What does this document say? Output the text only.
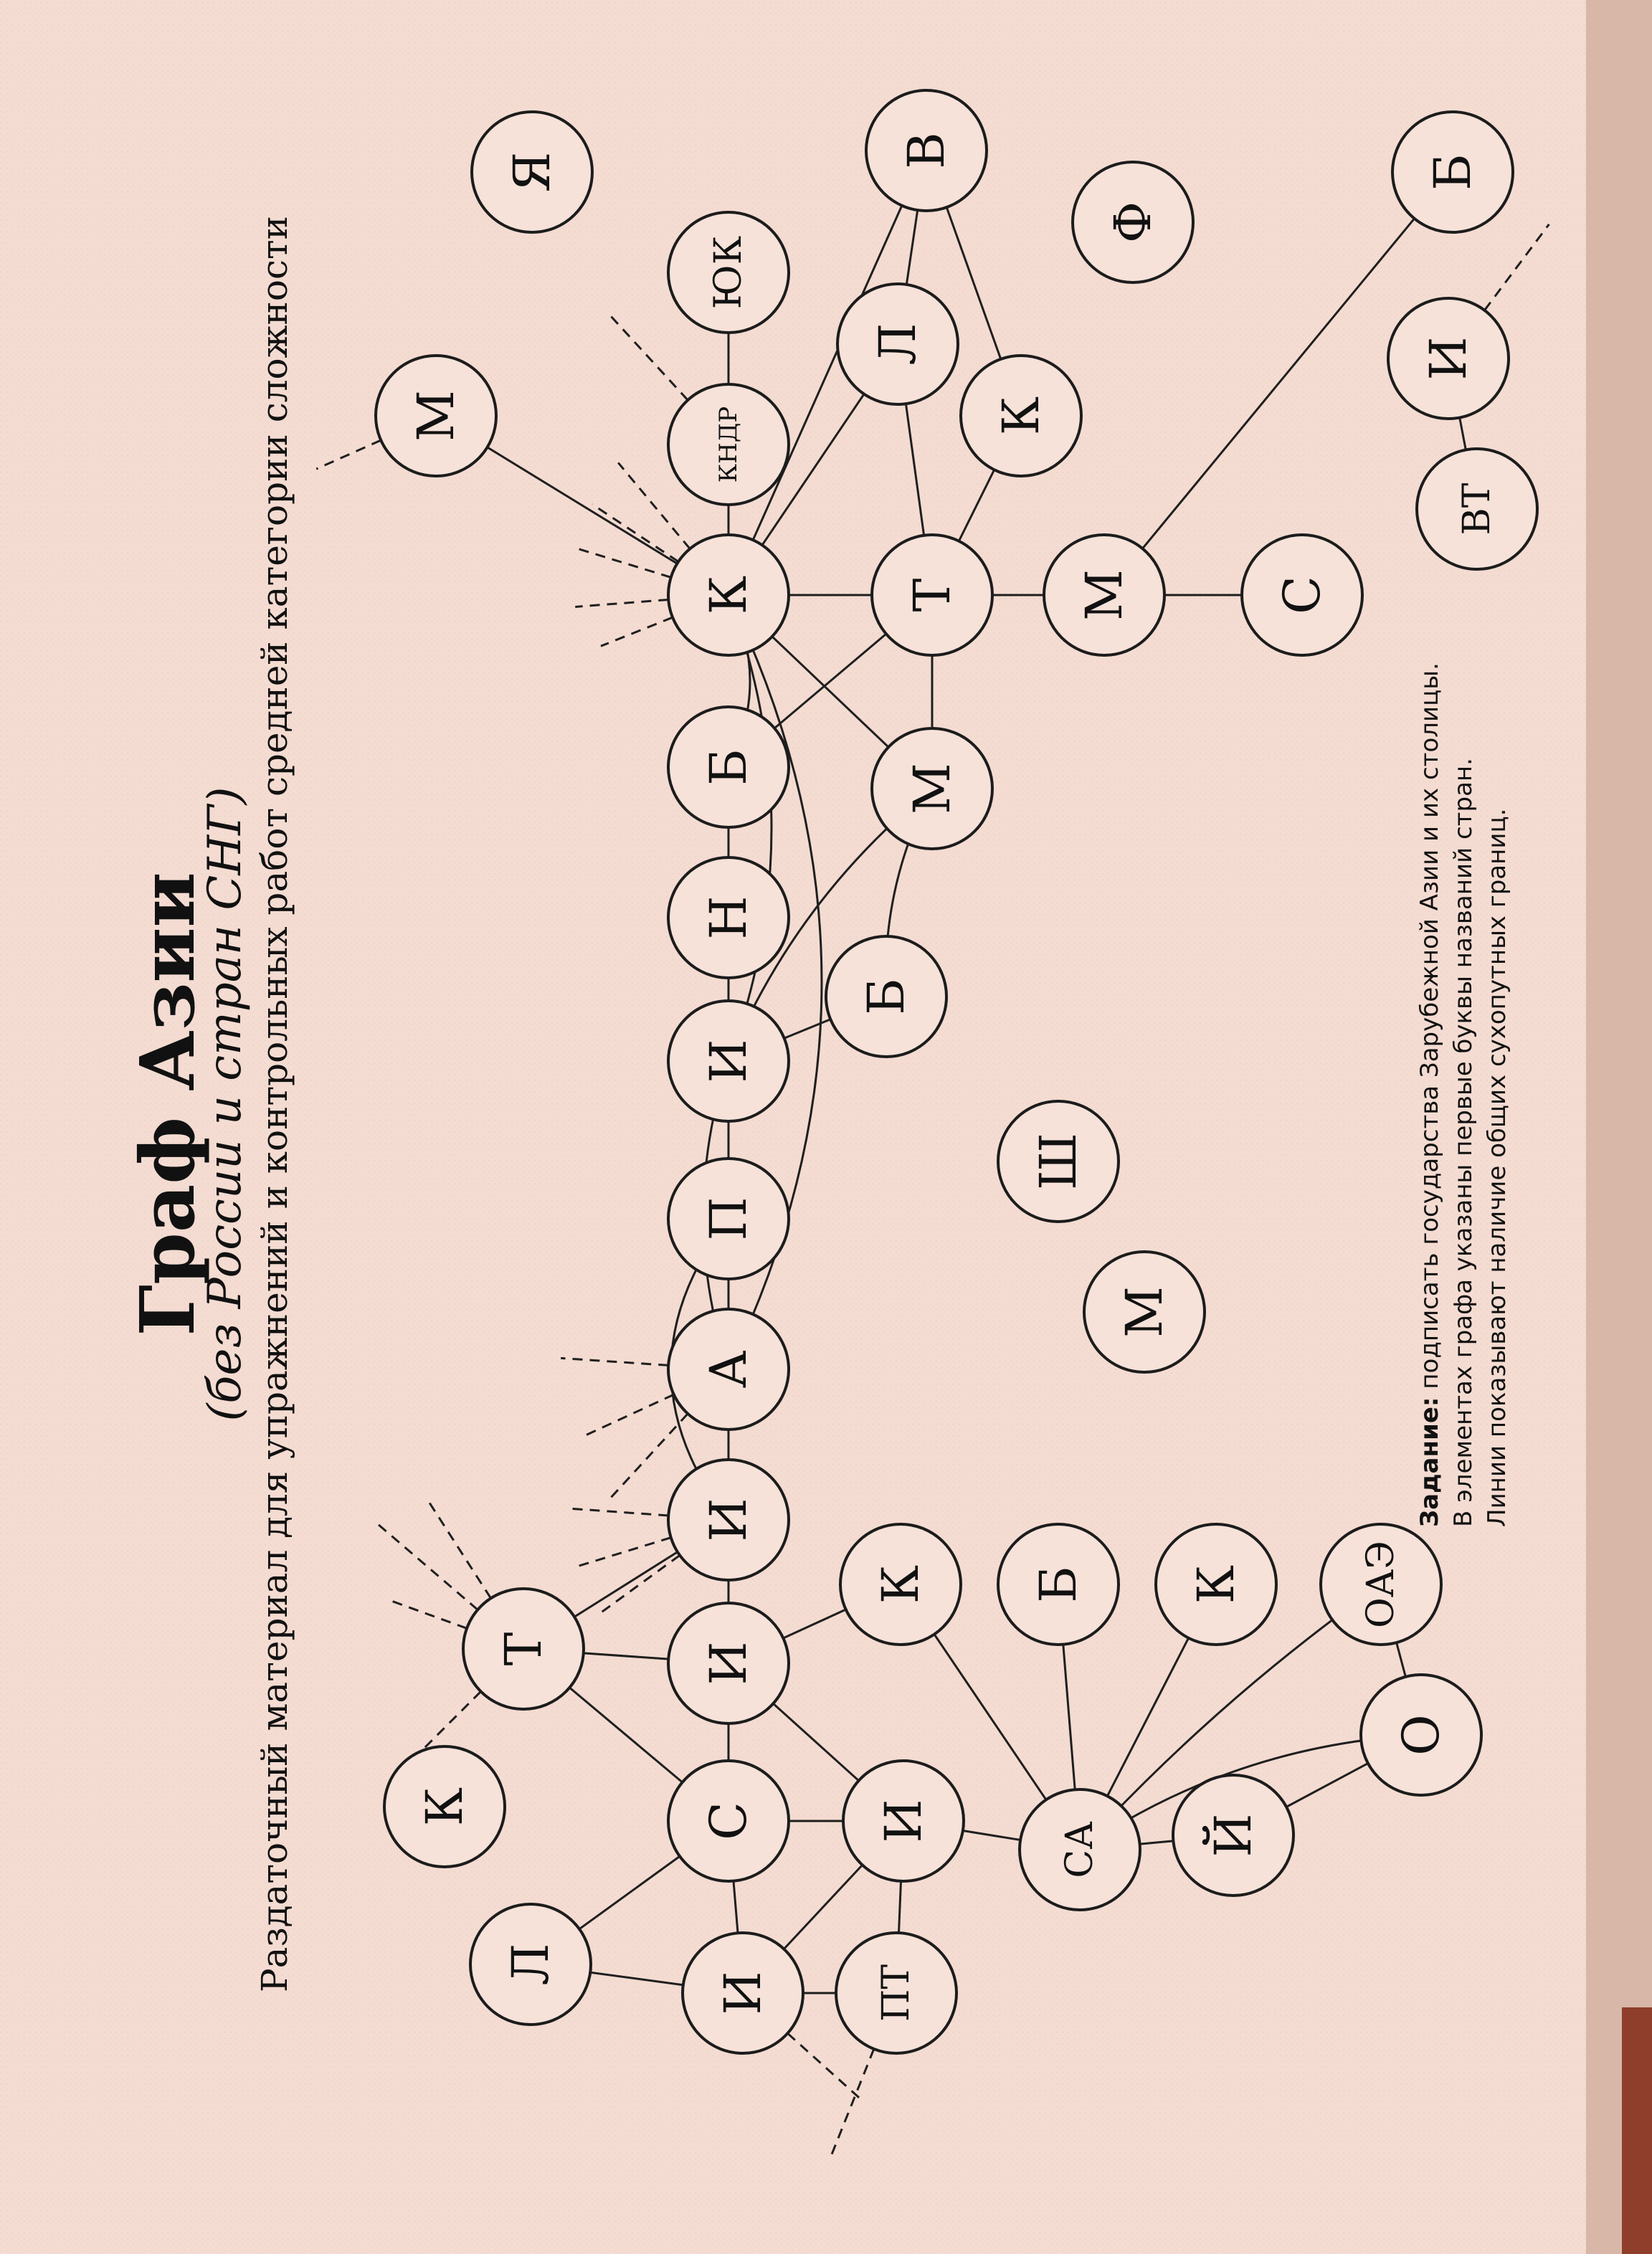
Я
М
ЮК
КНДР
В
Ф
Б
Л
К
И
К	Т М
ВТ
С
Б	М
Н
Б
И
Ш
П
М
А
И
К Б К	ОАЭ
Т	И
К	С И
СА Й
О
Л
И	ПТ
Граф Азии
(без России и стран СНГ) Раздаточный материал для упражнений и контрольных работ средней категории сложности	Задание: подписать государства Зарубежной Азии и их столицы. В элементах графа указаны первые буквы названий стран. Линии показывают наличие общих сухопутных границ.
